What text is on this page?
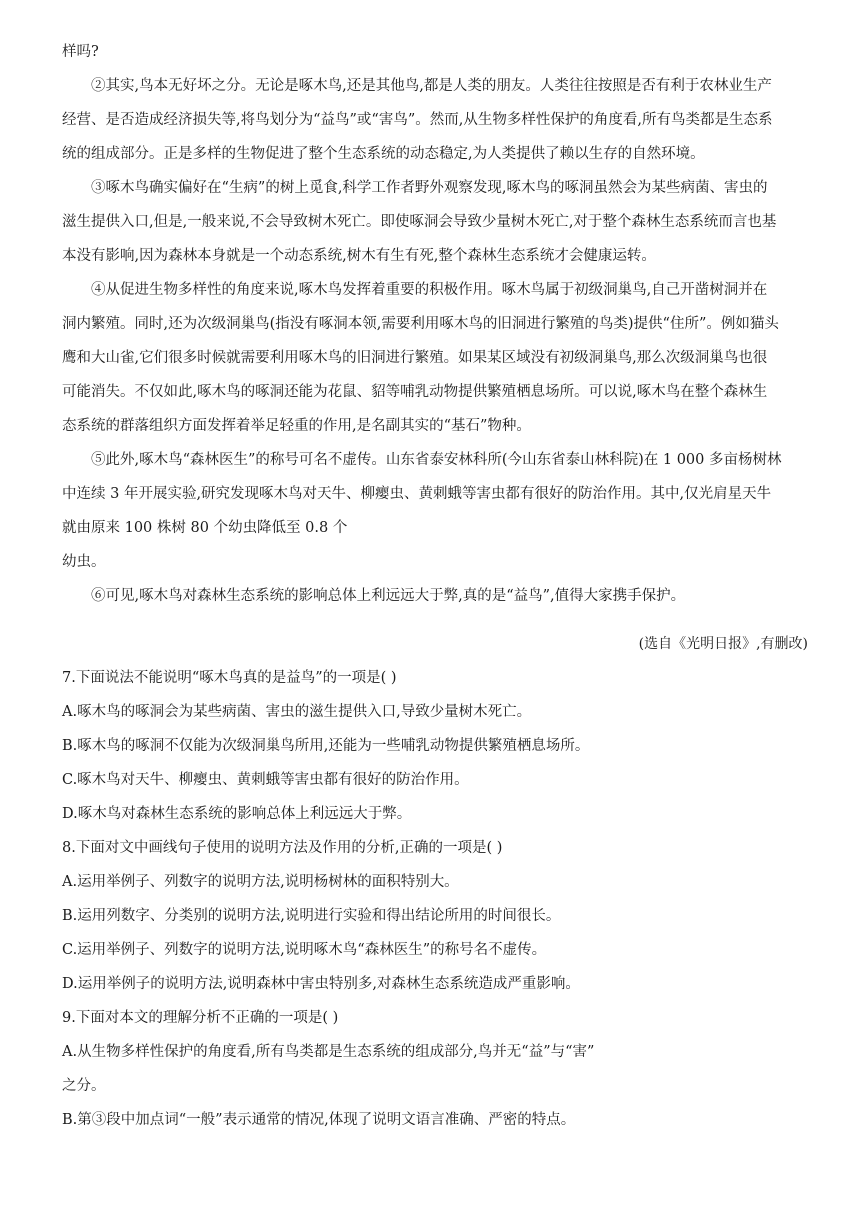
样吗?
②其实,鸟本无好坏之分。无论是啄木鸟,还是其他鸟,都是人类的朋友。人类往往按照是否有利于农林业生产
经营、是否造成经济损失等,将鸟划分为“益鸟”或“害鸟”。然而,从生物多样性保护的角度看,所有鸟类都是生态系
统的组成部分。正是多样的生物促进了整个生态系统的动态稳定,为人类提供了赖以生存的自然环境。
③啄木鸟确实偏好在“生病”的树上觅食,科学工作者野外观察发现,啄木鸟的啄洞虽然会为某些病菌、害虫的
滋生提供入口,但是,一般来说,不会导致树木死亡。即使啄洞会导致少量树木死亡,对于整个森林生态系统而言也基
本没有影响,因为森林本身就是一个动态系统,树木有生有死,整个森林生态系统才会健康运转。
④从促进生物多样性的角度来说,啄木鸟发挥着重要的积极作用。啄木鸟属于初级洞巢鸟,自己开凿树洞并在
洞内繁殖。同时,还为次级洞巢鸟(指没有啄洞本领,需要利用啄木鸟的旧洞进行繁殖的鸟类)提供“住所”。例如猫头
鹰和大山雀,它们很多时候就需要利用啄木鸟的旧洞进行繁殖。如果某区域没有初级洞巢鸟,那么次级洞巢鸟也很
可能消失。不仅如此,啄木鸟的啄洞还能为花鼠、貂等哺乳动物提供繁殖栖息场所。可以说,啄木鸟在整个森林生
态系统的群落组织方面发挥着举足轻重的作用,是名副其实的“基石”物种。
⑤此外,啄木鸟“森林医生”的称号可名不虚传。山东省泰安林科所(今山东省泰山林科院)在 1 000 多亩杨树林
中连续 3 年开展实验,研究发现啄木鸟对天牛、柳瘿虫、黄刺蛾等害虫都有很好的防治作用。其中,仅光肩星天牛
就由原来 100 株树 80 个幼虫降低至 0.8 个
幼虫。
⑥可见,啄木鸟对森林生态系统的影响总体上利远远大于弊,真的是“益鸟”,值得大家携手保护。
(选自《光明日报》,有删改)
7.下面说法不能说明“啄木鸟真的是益鸟”的一项是( )
A.啄木鸟的啄洞会为某些病菌、害虫的滋生提供入口,导致少量树木死亡。
B.啄木鸟的啄洞不仅能为次级洞巢鸟所用,还能为一些哺乳动物提供繁殖栖息场所。
C.啄木鸟对天牛、柳瘿虫、黄刺蛾等害虫都有很好的防治作用。
D.啄木鸟对森林生态系统的影响总体上利远远大于弊。
8.下面对文中画线句子使用的说明方法及作用的分析,正确的一项是( )
A.运用举例子、列数字的说明方法,说明杨树林的面积特别大。
B.运用列数字、分类别的说明方法,说明进行实验和得出结论所用的时间很长。
C.运用举例子、列数字的说明方法,说明啄木鸟“森林医生”的称号名不虚传。
D.运用举例子的说明方法,说明森林中害虫特别多,对森林生态系统造成严重影响。
9.下面对本文的理解分析不正确的一项是( )
A.从生物多样性保护的角度看,所有鸟类都是生态系统的组成部分,鸟并无“益”与“害”
之分。
B.第③段中加点词“一般”表示通常的情况,体现了说明文语言准确、严密的特点。
